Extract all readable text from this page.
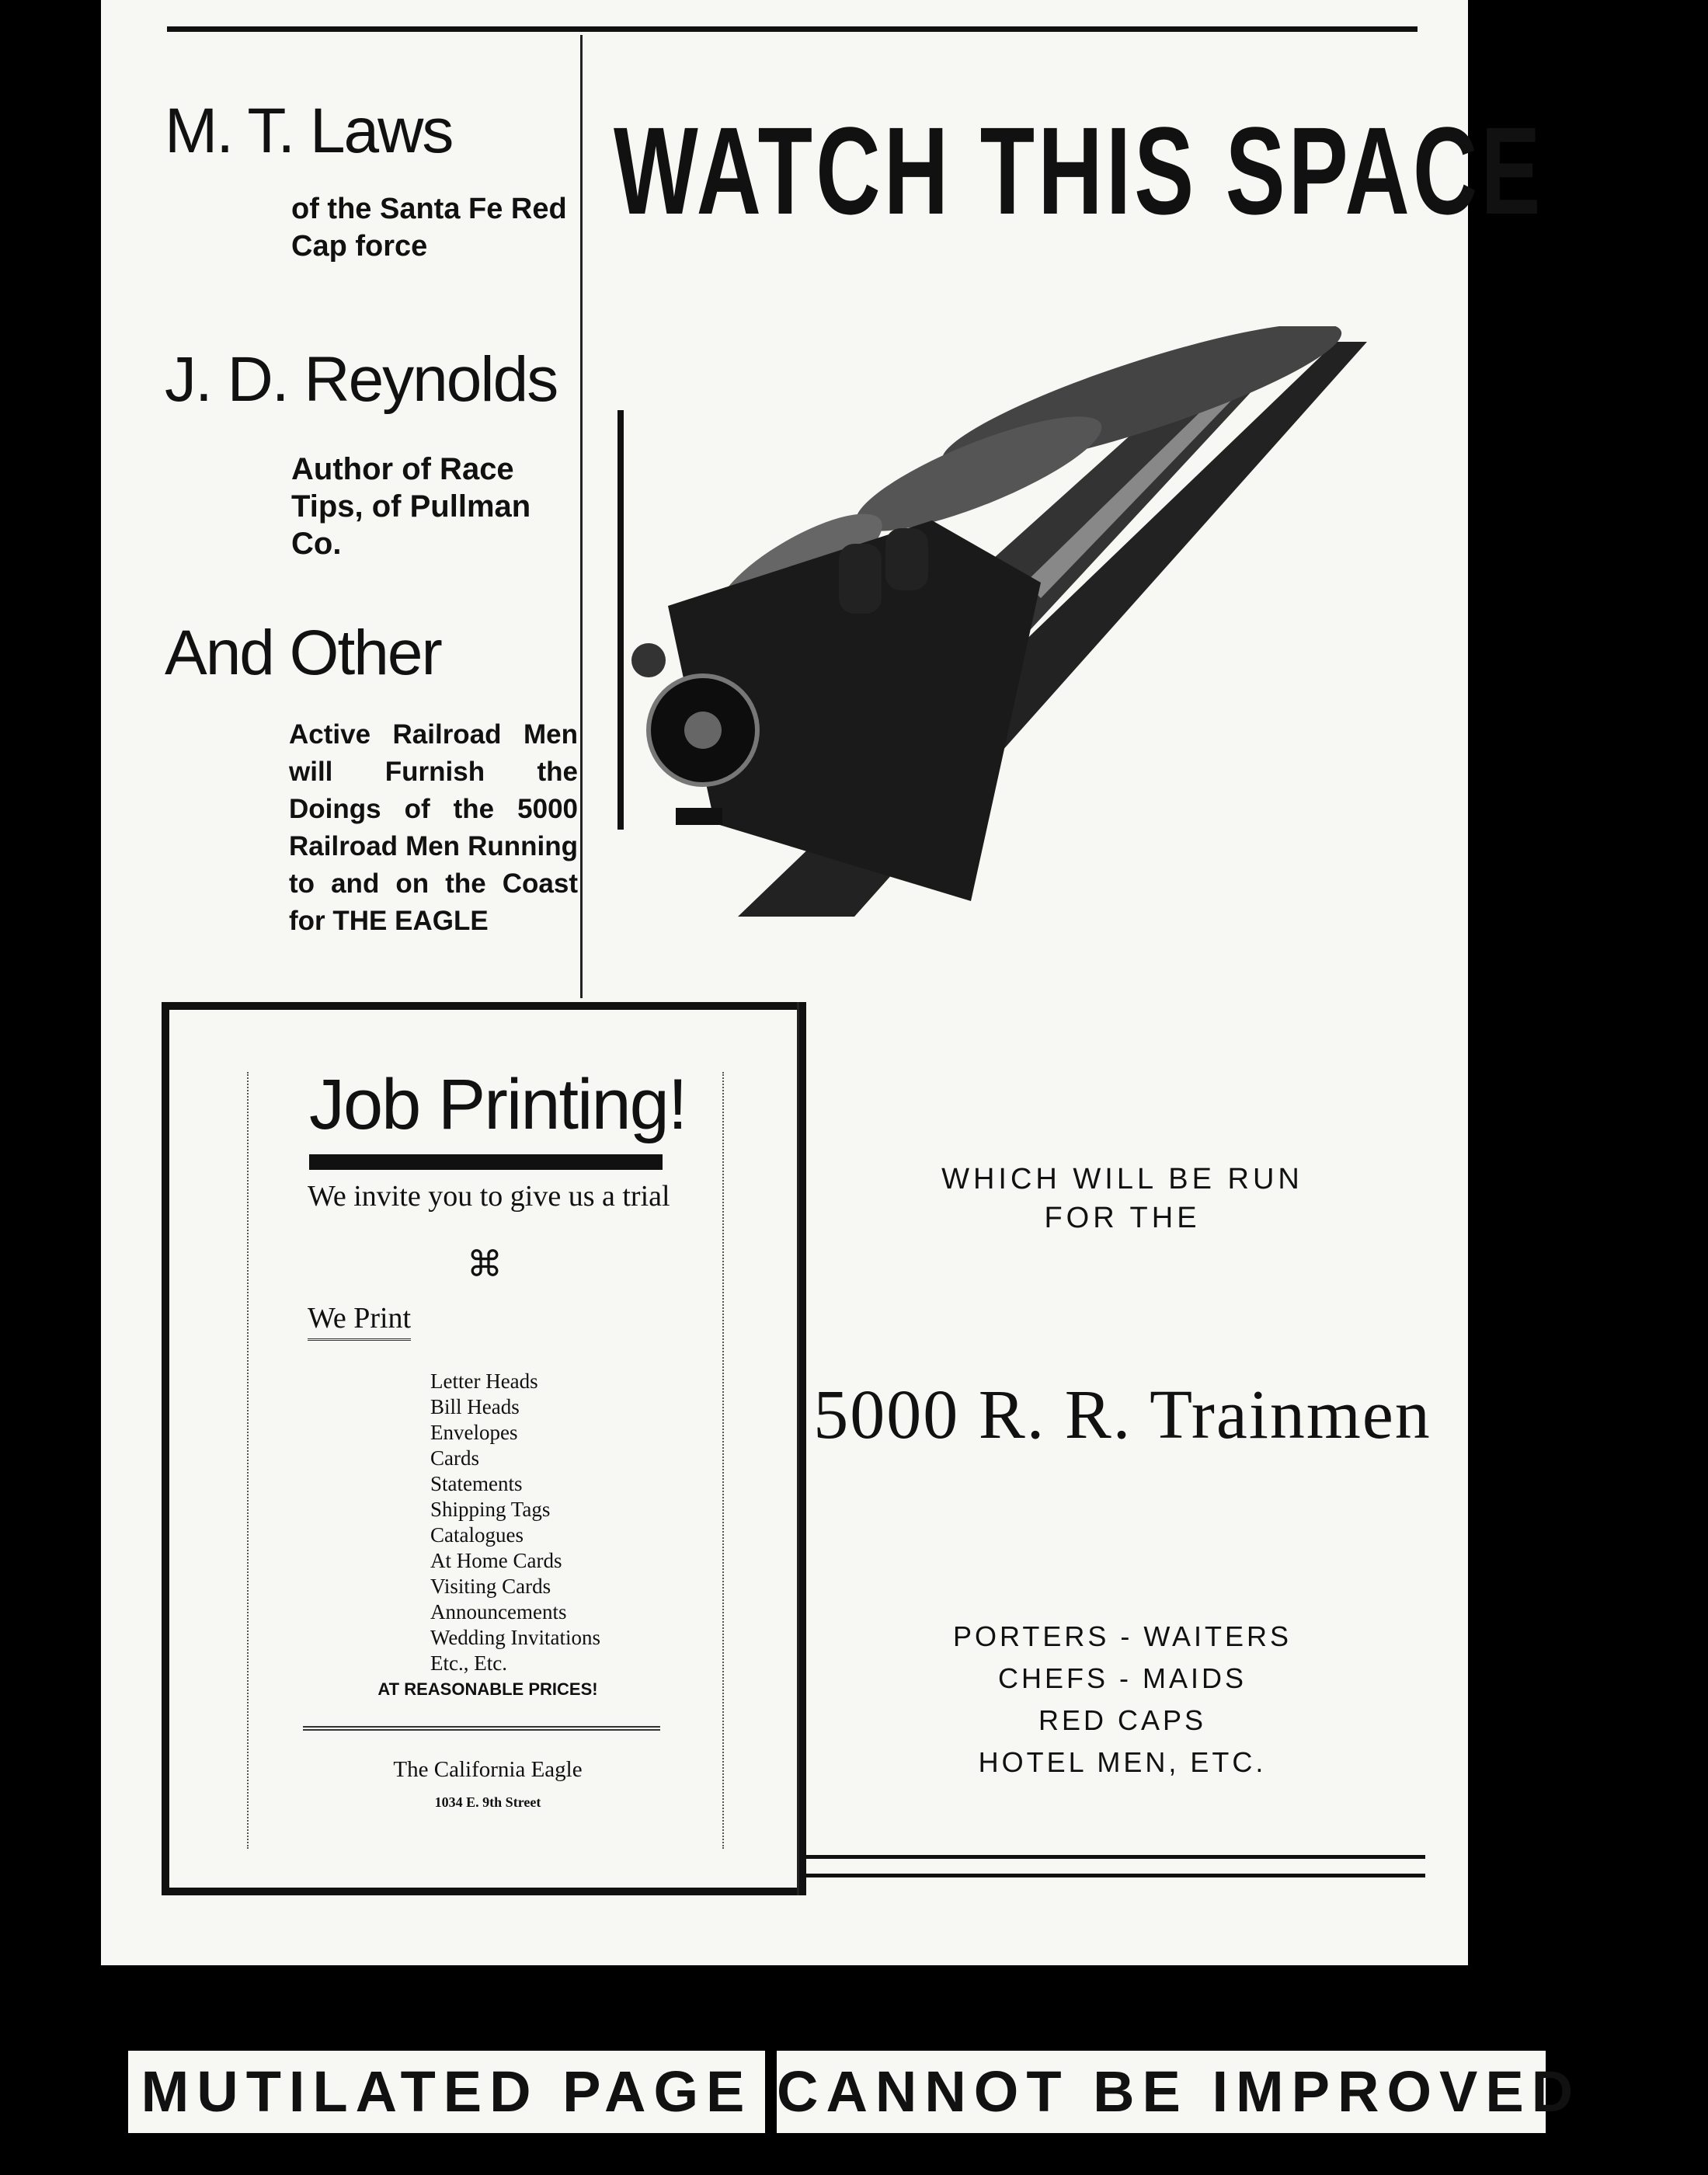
M. T. Laws
of the Santa Fe Red Cap force
J. D. Reynolds
Author of Race Tips, of Pullman Co.
And Other
Active Railroad Men will Furnish the Doings of the 5000 Railroad Men Running to and on the Coast for THE EAGLE
WATCH THIS SPACE
Job Printing!
We invite you to give us a trial
⌘
We Print
Letter Heads
Bill Heads
Envelopes
Cards
Statements
Shipping Tags
Catalogues
At Home Cards
Visiting Cards
Announcements
Wedding Invitations
Etc., Etc.
AT REASONABLE PRICES!
The California Eagle
1034 E. 9th Street
WHICH WILL BE RUN
FOR THE
5000 R. R. Trainmen
PORTERS - WAITERS
CHEFS - MAIDS
RED CAPS
HOTEL MEN, ETC.
MUTILATED PAGE CANNOT BE IMPROVED
